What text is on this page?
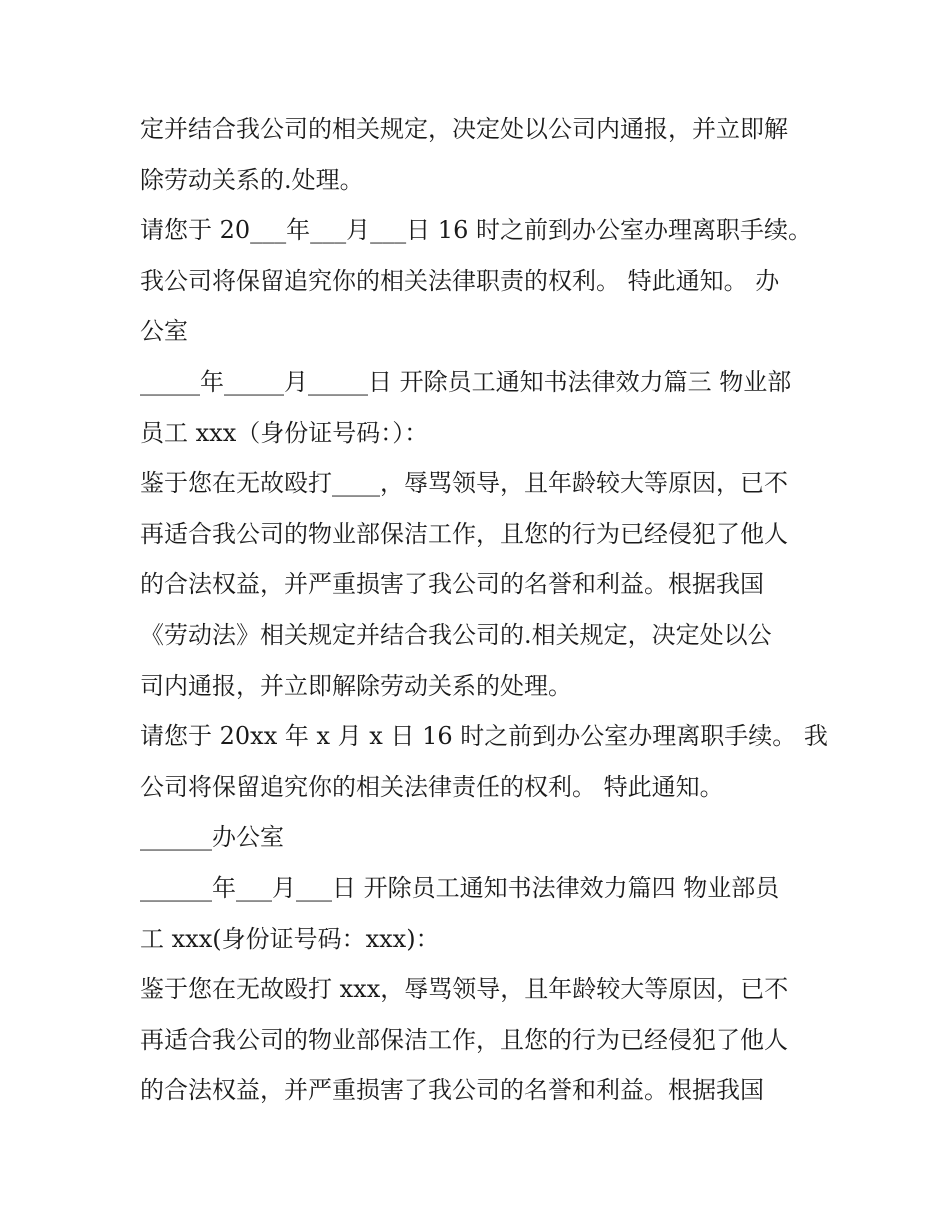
定并结合我公司的相关规定，决定处以公司内通报，并立即解
除劳动关系的.处理。
请您于 20___年___月___日 16 时之前到办公室办理离职手续。
我公司将保留追究你的相关法律职责的权利。 特此通知。 办
公室
_____年_____月_____日 开除员工通知书法律效力篇三 物业部
员工 xxx（身份证号码：）：
鉴于您在无故殴打____，辱骂领导，且年龄较大等原因，已不
再适合我公司的物业部保洁工作，且您的行为已经侵犯了他人
的合法权益，并严重损害了我公司的名誉和利益。根据我国
《劳动法》相关规定并结合我公司的.相关规定，决定处以公
司内通报，并立即解除劳动关系的处理。
请您于 20xx 年 x 月 x 日 16 时之前到办公室办理离职手续。 我
公司将保留追究你的相关法律责任的权利。 特此通知。
______办公室
______年___月___日 开除员工通知书法律效力篇四 物业部员
工 xxx(身份证号码：xxx)：
鉴于您在无故殴打 xxx，辱骂领导，且年龄较大等原因，已不
再适合我公司的物业部保洁工作，且您的行为已经侵犯了他人
的合法权益，并严重损害了我公司的名誉和利益。根据我国
